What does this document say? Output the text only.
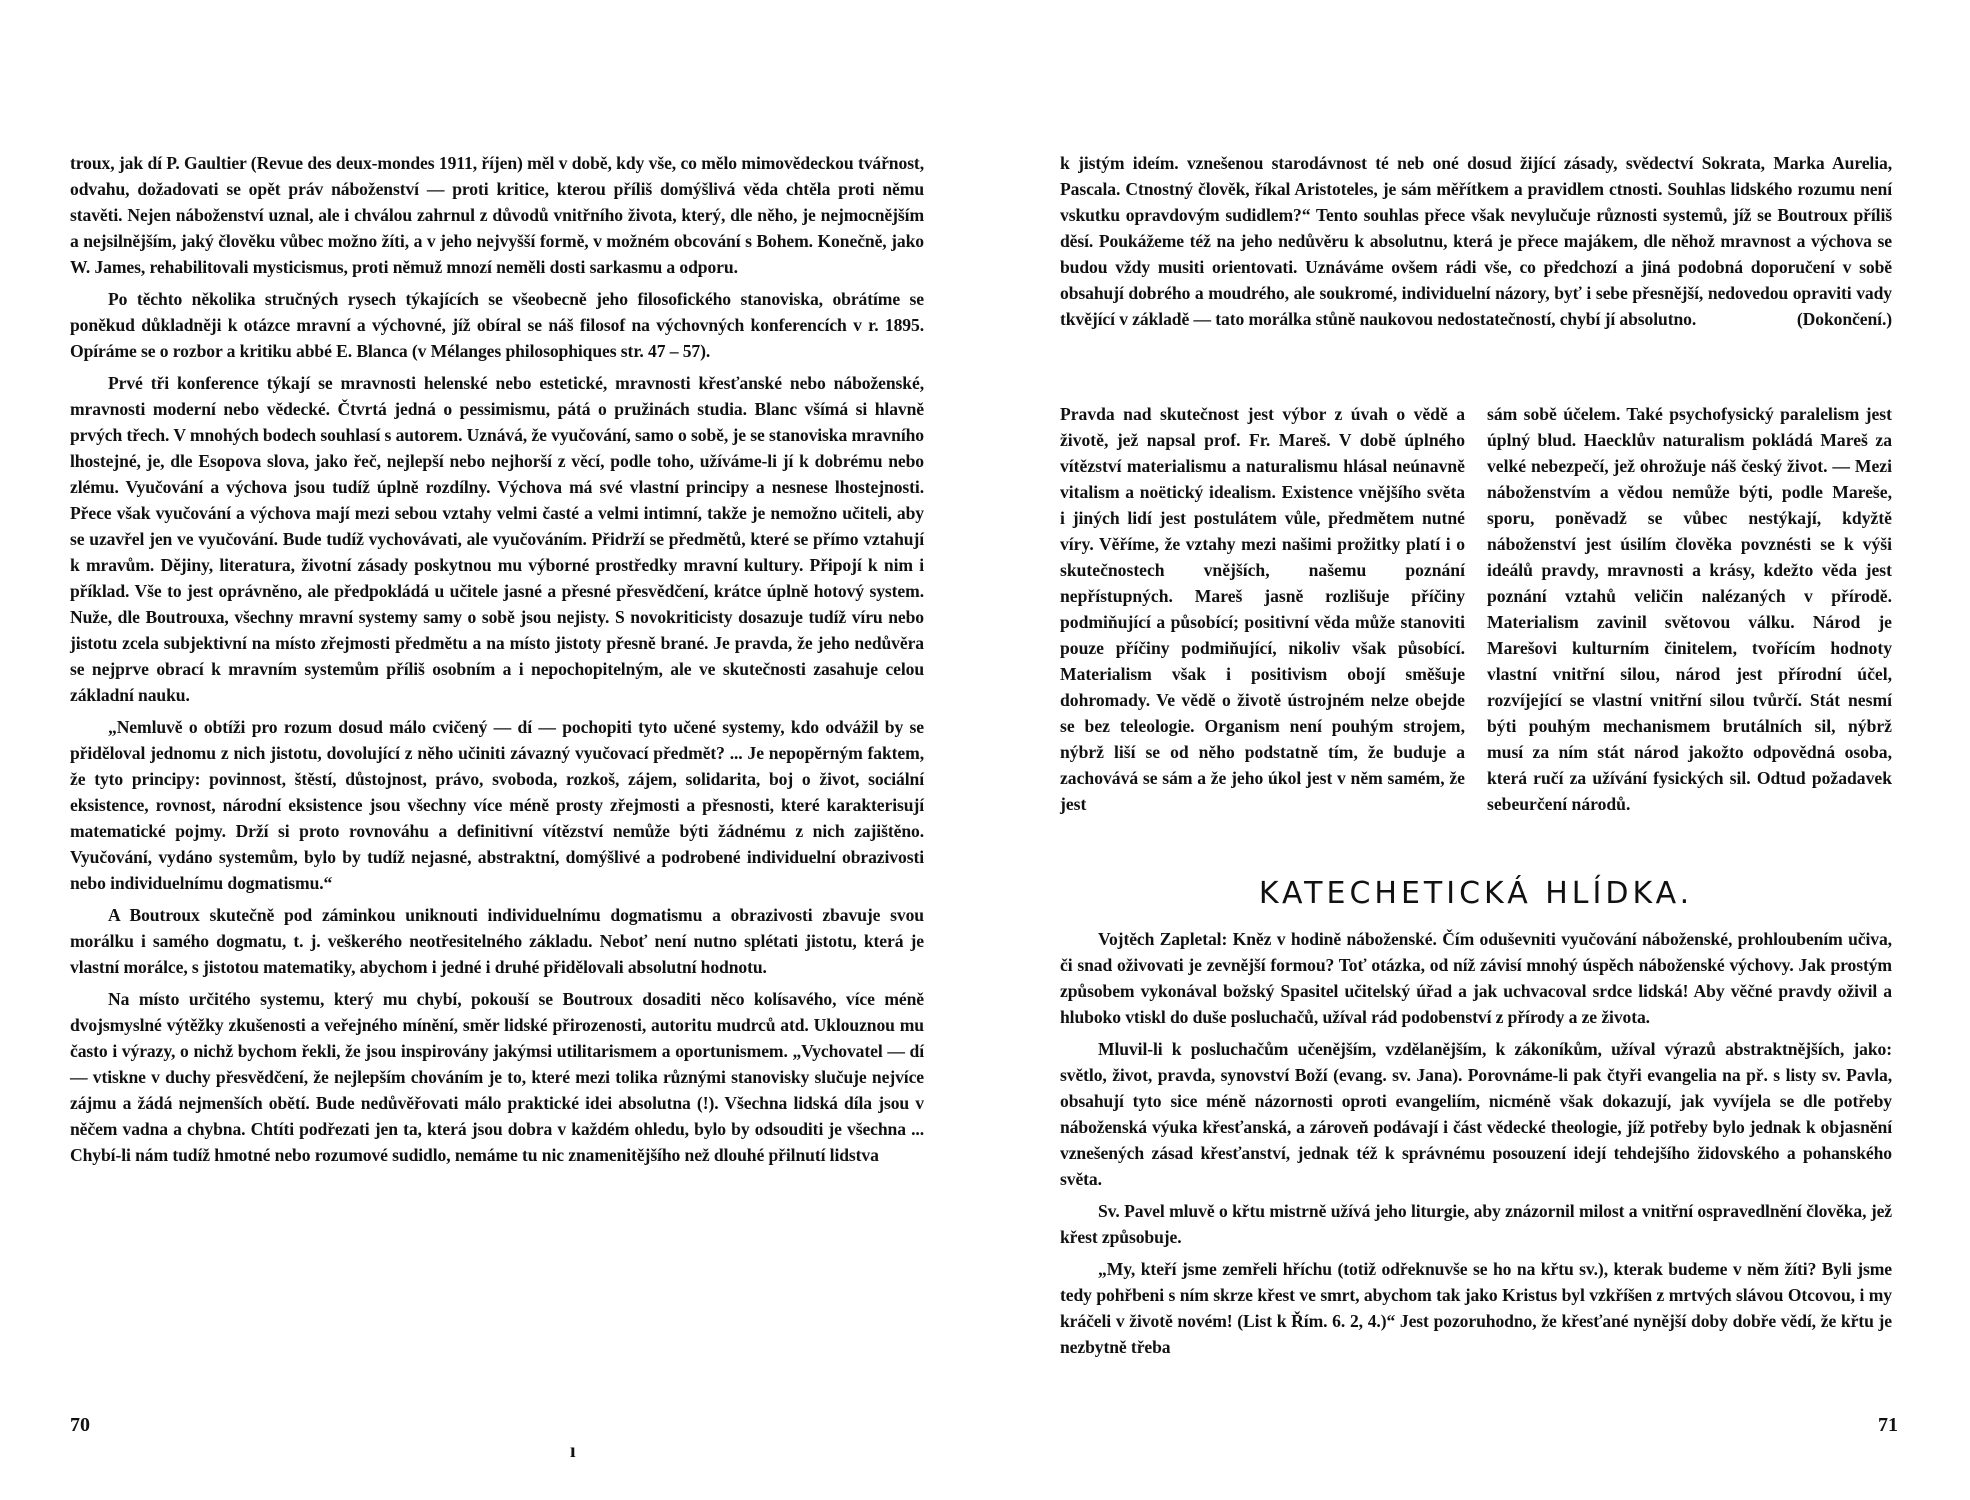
troux, jak dí P. Gaultier (Revue des deux-mondes 1911, říjen) měl v době, kdy vše, co mělo mimovědeckou tvářnost, odvahu, dožadovati se opět práv náboženství — proti kritice, kterou příliš domýšlivá věda chtěla proti němu stavěti. Nejen náboženství uznal, ale i chválou zahrnul z důvodů vnitřního života, který, dle něho, je nejmocnějším a nejsilnějším, jaký člověku vůbec možno žíti, a v jeho nejvyšší formě, v možném obcování s Bohem. Konečně, jako W. James, rehabilitovali mysticismus, proti němuž mnozí neměli dosti sarkasmu a odporu.

Po těchto několika stručných rysech týkajících se všeobecně jeho filosofického stanoviska, obrátíme se poněkud důkladněji k otázce mravní a výchovné, jíž obíral se náš filosof na výchovných konferencích v r. 1895. Opíráme se o rozbor a kritiku abbé E. Blanca (v Mélanges philosophiques str. 47 – 57).

Prvé tři konference týkají se mravnosti helenské nebo estetické, mravnosti křesťanské nebo náboženské, mravnosti moderní nebo vědecké. Čtvrtá jedná o pessimismu, pátá o pružinách studia. Blanc všímá si hlavně prvých třech. V mnohých bodech souhlasí s autorem. Uznává, že vyučování, samo o sobě, je se stanoviska mravního lhostejné, je, dle Esopova slova, jako řeč, nejlepší nebo nejhorší z věcí, podle toho, užíváme-li jí k dobrému nebo zlému. Vyučování a výchova jsou tudíž úplně rozdílny. Výchova má své vlastní principy a nesnese lhostejnosti. Přece však vyučování a výchova mají mezi sebou vztahy velmi časté a velmi intimní, takže je nemožno učiteli, aby se uzavřel jen ve vyučování. Bude tudíž vychovávati, ale vyučováním. Přidrží se předmětů, které se přímo vztahují k mravům. Dějiny, literatura, životní zásady poskytnou mu výborné prostředky mravní kultury. Připojí k nim i příklad. Vše to jest oprávněno, ale předpokládá u učitele jasné a přesné přesvědčení, krátce úplně hotový system. Nuže, dle Boutrouxa, všechny mravní systemy samy o sobě jsou nejisty. S novokriticisty dosazuje tudíž víru nebo jistotu zcela subjektivní na místo zřejmosti předmětu a na místo jistoty přesně brané. Je pravda, že jeho nedůvěra se nejprve obrací k mravním systemům příliš osobním a i nepochopitelným, ale ve skutečnosti zasahuje celou základní nauku.

„Nemluvě o obtíži pro rozum dosud málo cvičený — dí — pochopiti tyto učené systemy, kdo odvážil by se přiděloval jednomu z nich jistotu, dovolující z něho učiniti závazný vyučovací předmět? ... Je nepopěrným faktem, že tyto principy: povinnost, štěstí, důstojnost, právo, svoboda, rozkoš, zájem, solidarita, boj o život, sociální eksistence, rovnost, národní eksistence jsou všechny více méně prosty zřejmosti a přesnosti, které karakterisují matematické pojmy. Drží si proto rovnováhu a definitivní vítězství nemůže býti žádnému z nich zajištěno. Vyučování, vydáno systemům, bylo by tudíž nejasné, abstraktní, domýšlivé a podrobené individuelní obrazivosti nebo individuelnímu dogmatismu.“

A Boutroux skutečně pod záminkou uniknouti individuelnímu dogmatismu a obrazivosti zbavuje svou morálku i samého dogmatu, t. j. veškerého neotřesitelného základu. Neboť není nutno splétati jistotu, která je vlastní morálce, s jistotou matematiky, abychom i jedné i druhé přidělovali absolutní hodnotu.

Na místo určitého systemu, který mu chybí, pokouší se Boutroux dosaditi něco kolísavého, více méně dvojsmyslné výtěžky zkušenosti a veřejného mínění, směr lidské přirozenosti, autoritu mudrců atd. Uklouznou mu často i výrazy, o nichž bychom řekli, že jsou inspirovány jakýmsi utilitarismem a oportunismem. „Vychovatel — dí — vtiskne v duchy přesvědčení, že nejlepším chováním je to, které mezi tolika různými stanovisky slučuje nejvíce zájmu a žádá nejmenších obětí. Bude nedůvěřovati málo praktické idei absolutna (!). Všechna lidská díla jsou v něčem vadna a chybna. Chtíti podřezati jen ta, která jsou dobra v každém ohledu, bylo by odsouditi je všechna ... Chybí-li nám tudíž hmotné nebo rozumové sudidlo, nemáme tu nic znamenitějšího než dlouhé přilnutí lidstva

70
ı

k jistým ideím. vznešenou starodávnost té neb oné dosud žijící zásady, svědectví Sokrata, Marka Aurelia, Pascala. Ctnostný člověk, říkal Aristoteles, je sám měřítkem a pravidlem ctnosti. Souhlas lidského rozumu není vskutku opravdovým sudidlem?“ Tento souhlas přece však nevylučuje různosti systemů, jíž se Boutroux příliš děsí. Poukážeme též na jeho nedůvěru k absolutnu, která je přece majákem, dle něhož mravnost a výchova se budou vždy musiti orientovati. Uznáváme ovšem rádi vše, co předchozí a jiná podobná doporučení v sobě obsahují dobrého a moudrého, ale soukromé, individuelní názory, byť i sebe přesnější, nedovedou opraviti vady tkvějící v základě — tato morálka stůně naukovou nedostatečností, chybí jí absolutno.	(Dokončení.)

Pravda nad skutečnost jest výbor z úvah o vědě a životě, jež napsal prof. Fr. Mareš. V době úplného vítězství materialismu a naturalismu hlásal neúnavně vitalism a noëtický idealism. Existence vnějšího světa i jiných lidí jest postulátem vůle, předmětem nutné víry. Věříme, že vztahy mezi našimi prožitky platí i o skutečnostech vnějších, našemu poznání nepřístupných. Mareš jasně rozlišuje příčiny podmiňující a působící; positivní věda může stanoviti pouze příčiny podmiňující, nikoliv však působící. Materialism však i positivism obojí směšuje dohromady. Ve vědě o životě ústrojném nelze obejde se bez teleologie. Organism není pouhým strojem, nýbrž liší se od něho podstatně tím, že buduje a zachovává se sám a že jeho úkol jest v něm samém, že jest

sám sobě účelem. Také psychofysický paralelism jest úplný blud. Haecklův naturalism pokládá Mareš za velké nebezpečí, jež ohrožuje náš český život. — Mezi náboženstvím a vědou nemůže býti, podle Mareše, sporu, poněvadž se vůbec nestýkají, kdyžtě náboženství jest úsilím člověka povznésti se k výši ideálů pravdy, mravnosti a krásy, kdežto věda jest poznání vztahů veličin nalézaných v přírodě. Materialism zavinil světovou válku. Národ je Marešovi kulturním činitelem, tvořícím hodnoty vlastní vnitřní silou, národ jest přírodní účel, rozvíjející se vlastní vnitřní silou tvůrčí. Stát nesmí býti pouhým mechanismem brutálních sil, nýbrž musí za ním stát národ jakožto odpovědná osoba, která ručí za užívání fysických sil. Odtud požadavek sebeurčení národů.

KATECHETICKÁ HLÍDKA.

Vojtěch Zapletal: Kněz v hodině náboženské. Čím oduševniti vyučování náboženské, prohloubením učiva, či snad oživovati je zevnější formou? Toť otázka, od níž závisí mnohý úspěch náboženské výchovy. Jak prostým způsobem vykonával božský Spasitel učitelský úřad a jak uchvacoval srdce lidská! Aby věčné pravdy oživil a hluboko vtiskl do duše posluchačů, užíval rád podobenství z přírody a ze života.

Mluvil-li k posluchačům učenějším, vzdělanějším, k zákoníkům, užíval výrazů abstraktnějších, jako: světlo, život, pravda, synovství Boží (evang. sv. Jana). Porovnáme-li pak čtyři evangelia na př. s listy sv. Pavla, obsahují tyto sice méně názornosti oproti evangeliím, nicméně však dokazují, jak vyvíjela se dle potřeby náboženská výuka křesťanská, a zároveň podávají i část vědecké theologie, jíž potřeby bylo jednak k objasnění vznešených zásad křesťanství, jednak též k správnému posouzení idejí tehdejšího židovského a pohanského světa.

Sv. Pavel mluvě o křtu mistrně užívá jeho liturgie, aby znázornil milost a vnitřní ospravedlnění člověka, jež křest způsobuje.

„My, kteří jsme zemřeli hříchu (totiž odřeknuvše se ho na křtu sv.), kterak budeme v něm žíti? Byli jsme tedy pohřbeni s ním skrze křest ve smrt, abychom tak jako Kristus byl vzkříšen z mrtvých slávou Otcovou, i my kráčeli v životě novém! (List k Řím. 6. 2, 4.)“ Jest pozoruhodno, že křesťané nynější doby dobře vědí, že křtu je nezbytně třeba

71
